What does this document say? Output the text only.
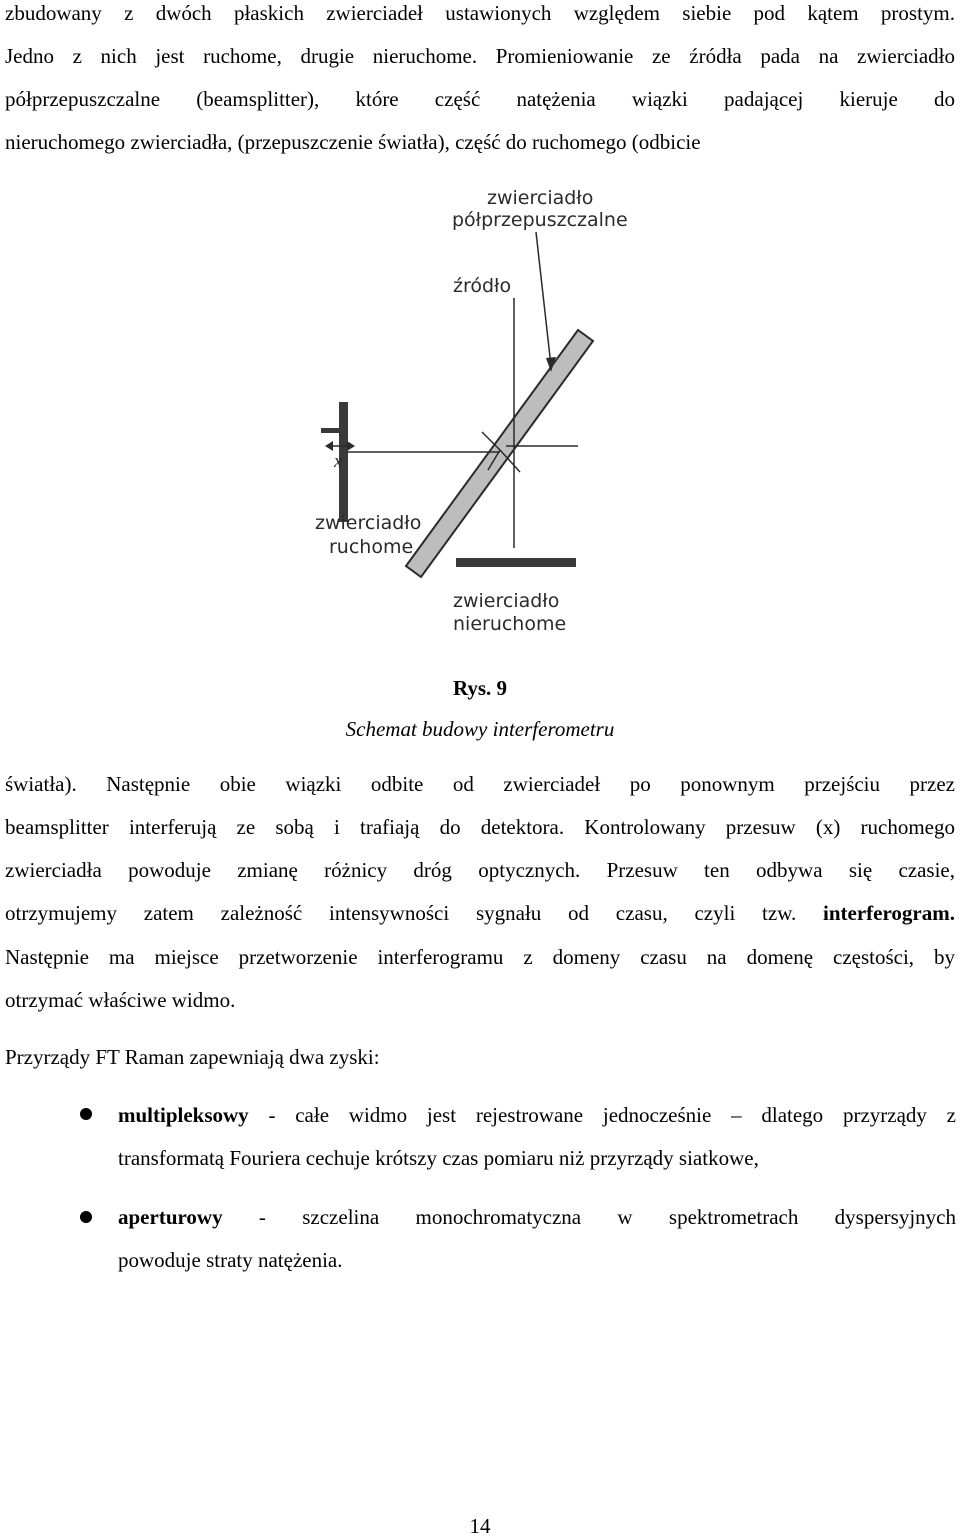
zbudowany z dwóch płaskich zwierciadeł ustawionych względem siebie pod kątem prostym.
Jedno z nich jest ruchome, drugie nieruchome. Promieniowanie ze źródła pada na zwierciadło
półprzepuszczalne (beamsplitter), które część natężenia wiązki padającej kieruje do
nieruchomego zwierciadła, (przepuszczenie światła), część do ruchomego (odbicie
zwierciadło
półprzepuszczalne
źródło
x
zwierciadło
ruchome
zwierciadło
nieruchome
Rys. 9
Schemat budowy interferometru
światła). Następnie obie wiązki odbite od zwierciadeł po ponownym przejściu przez
beamsplitter interferują ze sobą i trafiają do detektora. Kontrolowany przesuw (x) ruchomego
zwierciadła powoduje zmianę różnicy dróg optycznych. Przesuw ten odbywa się czasie,
otrzymujemy zatem zależność intensywności sygnału od czasu, czyli tzw. interferogram.
Następnie ma miejsce przetworzenie interferogramu z domeny czasu na domenę częstości, by
otrzymać właściwe widmo.
Przyrządy FT Raman zapewniają dwa zyski:
multipleksowy - całe widmo jest rejestrowane jednocześnie – dlatego przyrządy z
transformatą Fouriera cechuje krótszy czas pomiaru niż przyrządy siatkowe,
aperturowy - szczelina monochromatyczna w spektrometrach dyspersyjnych
powoduje straty natężenia.
14
